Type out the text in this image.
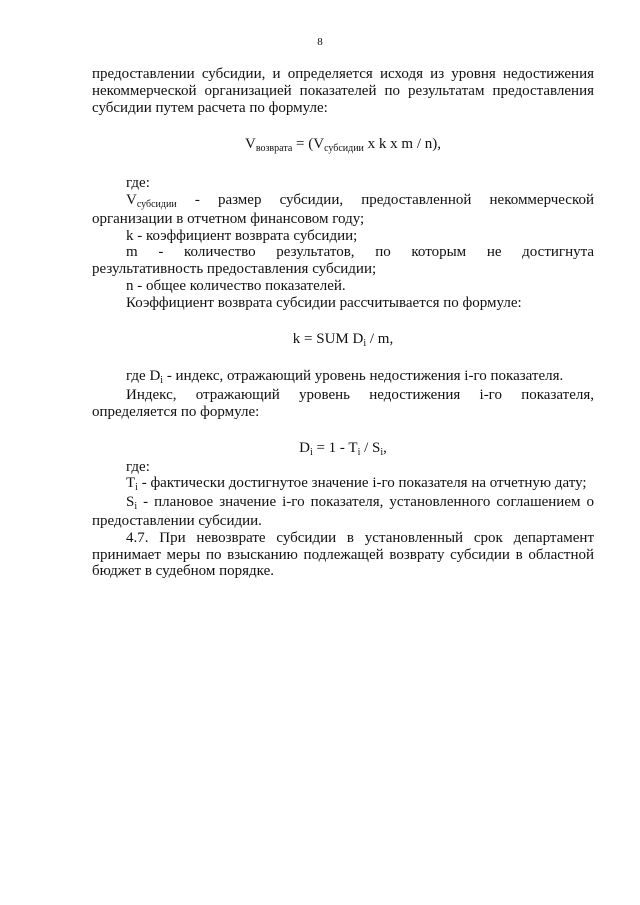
8

предоставлении субсидии, и определяется исходя из уровня недостижения

некоммерческой организацией показателей по результатам предоставления

субсидии путем расчета по формуле:

$V_{возврата} = (V_{субсидии}$ x k x m / n),

где:

$V_{субсидии}$ - размер субсидии, предоставленной некоммерческой

организации в отчетном финансовом году;

k - коэффициент возврата субсидии;

m - количество результатов, по которым не достигнута

результативность предоставления субсидии;

n - общее количество показателей.

Коэффициент возврата субсидии рассчитывается по формуле:

k = SUM $D_i$ / m,

где $D_i$ - индекс, отражающий уровень недостижения i-го показателя.

Индекс, отражающий уровень недостижения i-го показателя,

определяется по формуле:

$D_i = 1 - T_i / S_i$,

где:

$T_i$ - фактически достигнутое значение i-го показателя на отчетную дату;

$S_i$ - плановое значение i-го показателя, установленного соглашением о

предоставлении субсидии.

4.7. При невозврате субсидии в установленный срок департамент

принимает меры по взысканию подлежащей возврату субсидии в областной

бюджет в судебном порядке.
